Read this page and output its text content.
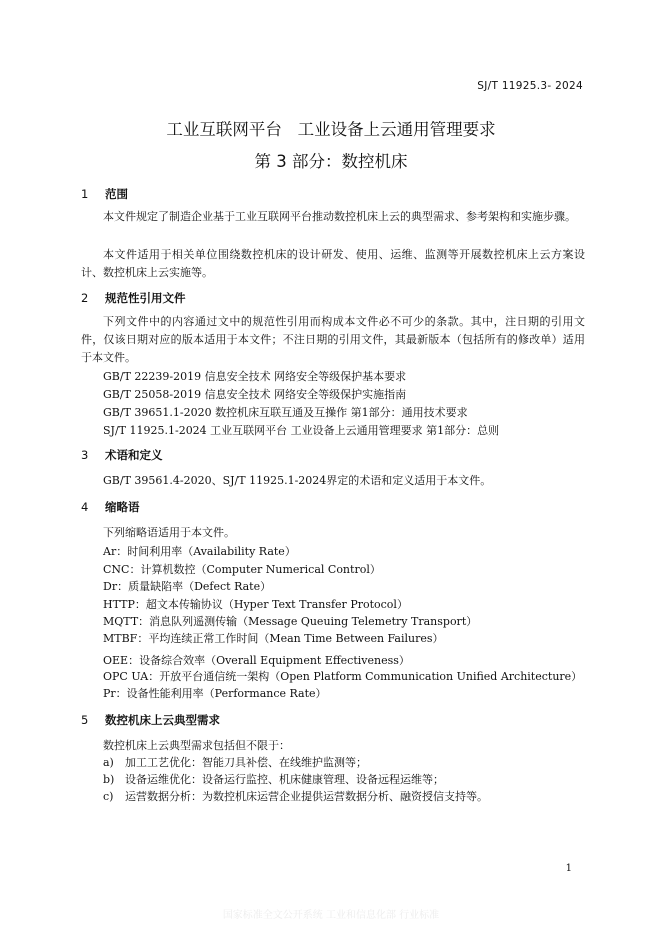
SJ/T 11925.3- 2024
工业互联网平台   工业设备上云通用管理要求
第 3 部分：数控机床
1 范围
本文件规定了制造企业基于工业互联网平台推动数控机床上云的典型需求、参考架构和实施步骤。
本文件适用于相关单位围绕数控机床的设计研发、使用、运维、监测等开展数控机床上云方案设计、数控机床上云实施等。
2 规范性引用文件
下列文件中的内容通过文中的规范性引用而构成本文件必不可少的条款。其中，注日期的引用文件，仅该日期对应的版本适用于本文件；不注日期的引用文件，其最新版本（包括所有的修改单）适用于本文件。
GB/T 22239-2019 信息安全技术 网络安全等级保护基本要求
GB/T 25058-2019 信息安全技术 网络安全等级保护实施指南
GB/T 39651.1-2020 数控机床互联互通及互操作 第1部分：通用技术要求
SJ/T 11925.1-2024 工业互联网平台 工业设备上云通用管理要求 第1部分：总则
3 术语和定义
GB/T 39561.4-2020、SJ/T 11925.1-2024界定的术语和定义适用于本文件。
4 缩略语
下列缩略语适用于本文件。
Ar：时间利用率（Availability Rate）
CNC：计算机数控（Computer Numerical Control）
Dr：质量缺陷率（Defect Rate）
HTTP：超文本传输协议（Hyper Text Transfer Protocol）
MQTT：消息队列遥测传输（Message Queuing Telemetry Transport）
MTBF：平均连续正常工作时间（Mean Time Between Failures）
OEE：设备综合效率（Overall Equipment Effectiveness）
OPC UA：开放平台通信统一架构（Open Platform Communication Unified Architecture）
Pr：设备性能利用率（Performance Rate）
5 数控机床上云典型需求
数控机床上云典型需求包括但不限于：
a) 加工工艺优化：智能刀具补偿、在线维护监测等；
b) 设备运维优化：设备运行监控、机床健康管理、设备远程运维等；
c) 运营数据分析：为数控机床运营企业提供运营数据分析、融资授信支持等。
1
国家标准全文公开系统 工业和信息化部 行业标准
